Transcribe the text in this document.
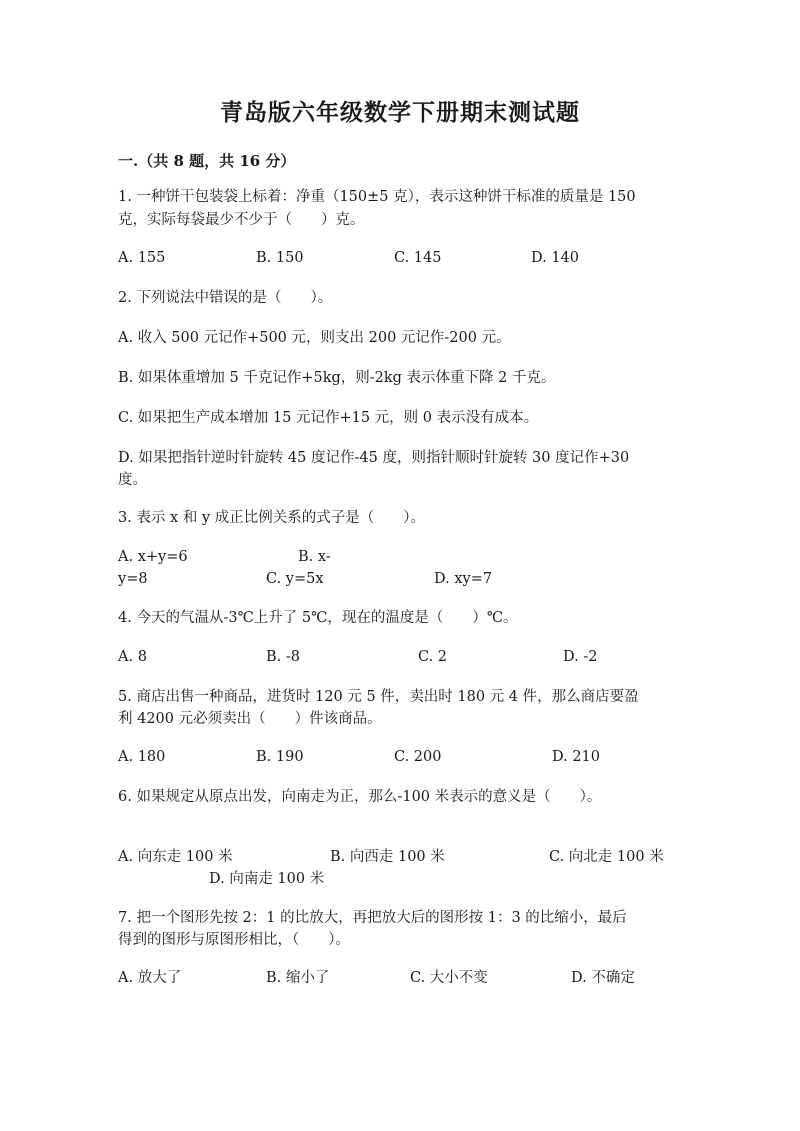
青岛版六年级数学下册期末测试题
一.（共 8 题，共 16 分）
1. 一种饼干包装袋上标着：净重（150±5 克），表示这种饼干标准的质量是 150
克，实际每袋最少不少于（　　）克。
A. 155	B. 150	C. 145	D. 140
2. 下列说法中错误的是（　　）。
A. 收入 500 元记作+500 元，则支出 200 元记作-200 元。
B. 如果体重增加 5 千克记作+5kg，则-2kg 表示体重下降 2 千克。
C. 如果把生产成本增加 15 元记作+15 元，则 0 表示没有成本。
D. 如果把指针逆时针旋转 45 度记作-45 度，则指针顺时针旋转 30 度记作+30
度。
3. 表示 x 和 y 成正比例关系的式子是（　　）。
A. x+y=6	B. x-
y=8	C. y=5x	D. xy=7
4. 今天的气温从-3℃上升了 5℃，现在的温度是（　　）℃。
A. 8	B. -8	C. 2	D. -2
5. 商店出售一种商品，进货时 120 元 5 件，卖出时 180 元 4 件，那么商店要盈
利 4200 元必须卖出（　　）件该商品。
A. 180	B. 190	C. 200	D. 210
6. 如果规定从原点出发，向南走为正，那么-100 米表示的意义是（　　）。
A. 向东走 100 米	B. 向西走 100 米	C. 向北走 100 米
D. 向南走 100 米
7. 把一个图形先按 2：1 的比放大，再把放大后的图形按 1：3 的比缩小，最后
得到的图形与原图形相比，（　　）。
A. 放大了	B. 缩小了	C. 大小不变	D. 不确定
